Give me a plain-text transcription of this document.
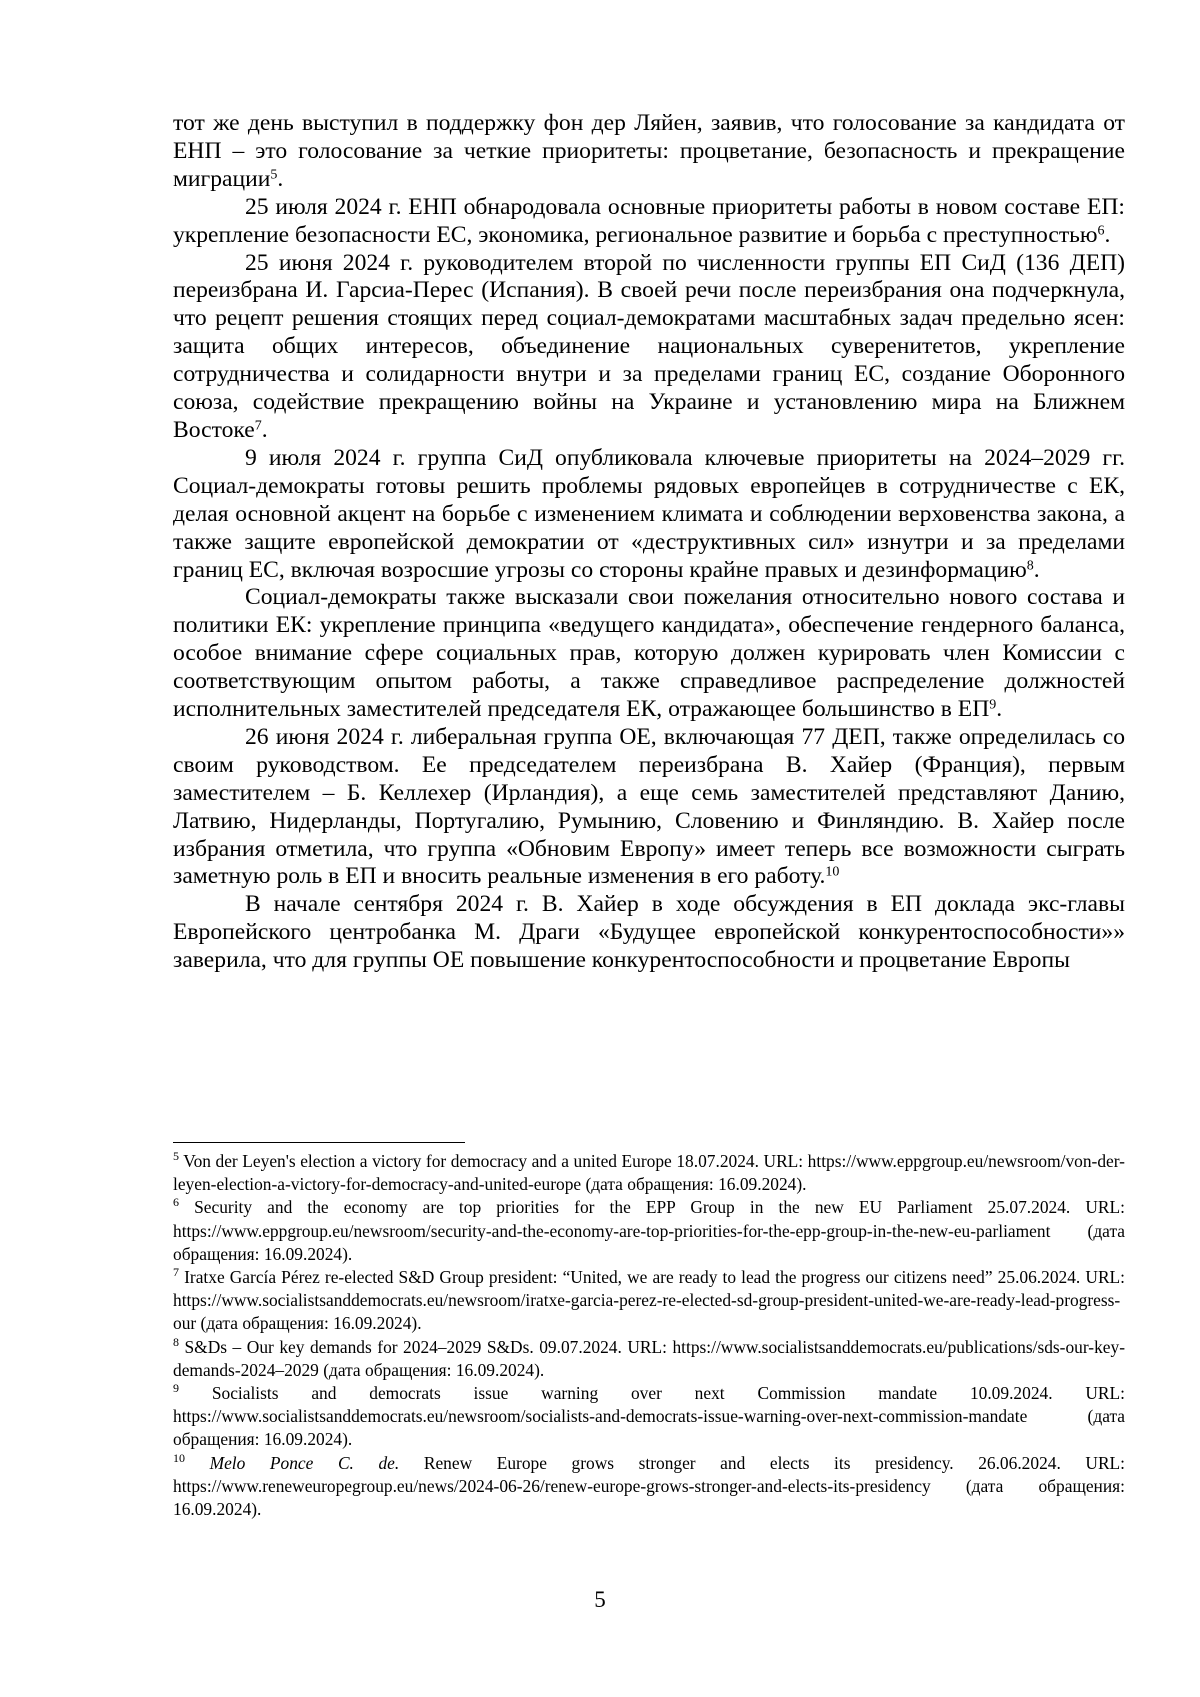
тот же день выступил в поддержку фон дер Ляйен, заявив, что голосование за кандидата от ЕНП – это голосование за четкие приоритеты: процветание, безопасность и прекращение миграции$^5$.

25 июля 2024 г. ЕНП обнародовала основные приоритеты работы в новом составе ЕП: укрепление безопасности ЕС, экономика, региональное развитие и борьба с преступностью$^6$.

25 июня 2024 г. руководителем второй по численности группы ЕП СиД (136 ДЕП) переизбрана И. Гарсиа-Перес (Испания). В своей речи после переизбрания она подчеркнула, что рецепт решения стоящих перед социал-демократами масштабных задач предельно ясен: защита общих интересов, объединение национальных суверенитетов, укрепление сотрудничества и солидарности внутри и за пределами границ ЕС, создание Оборонного союза, содействие прекращению войны на Украине и установлению мира на Ближнем Востоке$^7$.

9 июля 2024 г. группа СиД опубликовала ключевые приоритеты на 2024–2029 гг. Социал-демократы готовы решить проблемы рядовых европейцев в сотрудничестве с ЕК, делая основной акцент на борьбе с изменением климата и соблюдении верховенства закона, а также защите европейской демократии от «деструктивных сил» изнутри и за пределами границ ЕС, включая возросшие угрозы со стороны крайне правых и дезинформацию$^8$.

Социал-демократы также высказали свои пожелания относительно нового состава и политики ЕК: укрепление принципа «ведущего кандидата», обеспечение гендерного баланса, особое внимание сфере социальных прав, которую должен курировать член Комиссии с соответствующим опытом работы, а также справедливое распределение должностей исполнительных заместителей председателя ЕК, отражающее большинство в $ЕП^9$.

26 июня 2024 г. либеральная группа ОЕ, включающая 77 ДЕП, также определилась со своим руководством. Ее председателем переизбрана В. Хайер (Франция), первым заместителем – Б. Келлехер (Ирландия), а еще семь заместителей представляют Данию, Латвию, Нидерланды, Португалию, Румынию, Словению и Финляндию. В. Хайер после избрания отметила, что группа «Обновим Европу» имеет теперь все возможности сыграть заметную роль в ЕП и вносить реальные изменения в его работу.$^{10}$

В начале сентября 2024 г. В. Хайер в ходе обсуждения в ЕП доклада экс-главы Европейского центробанка М. Драги «Будущее европейской конкурентоспособности»» заверила, что для группы ОЕ повышение конкурентоспособности и процветание Европы

$^5$ Von der Leyen's election a victory for democracy and a united Europe 18.07.2024. URL: https://www.eppgroup.eu/newsroom/von-der-leyen-election-a-victory-for-democracy-and-united-europe (дата обращения: 16.09.2024).

$^6$ Security and the economy are top priorities for the EPP Group in the new EU Parliament 25.07.2024. URL: https://www.eppgroup.eu/newsroom/security-and-the-economy-are-top-priorities-for-the-epp-group-in-the-new-eu-parliament (дата обращения: 16.09.2024).

$^7$ Iratxe García Pérez re-elected S&D Group president: “United, we are ready to lead the progress our citizens need” 25.06.2024. URL: https://www.socialistsanddemocrats.eu/newsroom/iratxe-garcia-perez-re-elected-sd-group-president-united-we-are-ready-lead-progress-our (дата обращения: 16.09.2024).

$^8$ S&Ds – Our key demands for 2024–2029 S&Ds. 09.07.2024. URL: https://www.socialistsanddemocrats.eu/publications/sds-our-key-demands-2024–2029 (дата обращения: 16.09.2024).

$^9$ Socialists and democrats issue warning over next Commission mandate 10.09.2024. URL: https://www.socialistsanddemocrats.eu/newsroom/socialists-and-democrats-issue-warning-over-next-commission-mandate (дата обращения: 16.09.2024).

$^{10}$ Melo Ponce C. de. Renew Europe grows stronger and elects its presidency. 26.06.2024. URL: https://www.reneweuropegroup.eu/news/2024-06-26/renew-europe-grows-stronger-and-elects-its-presidency (дата обращения: 16.09.2024).

5
